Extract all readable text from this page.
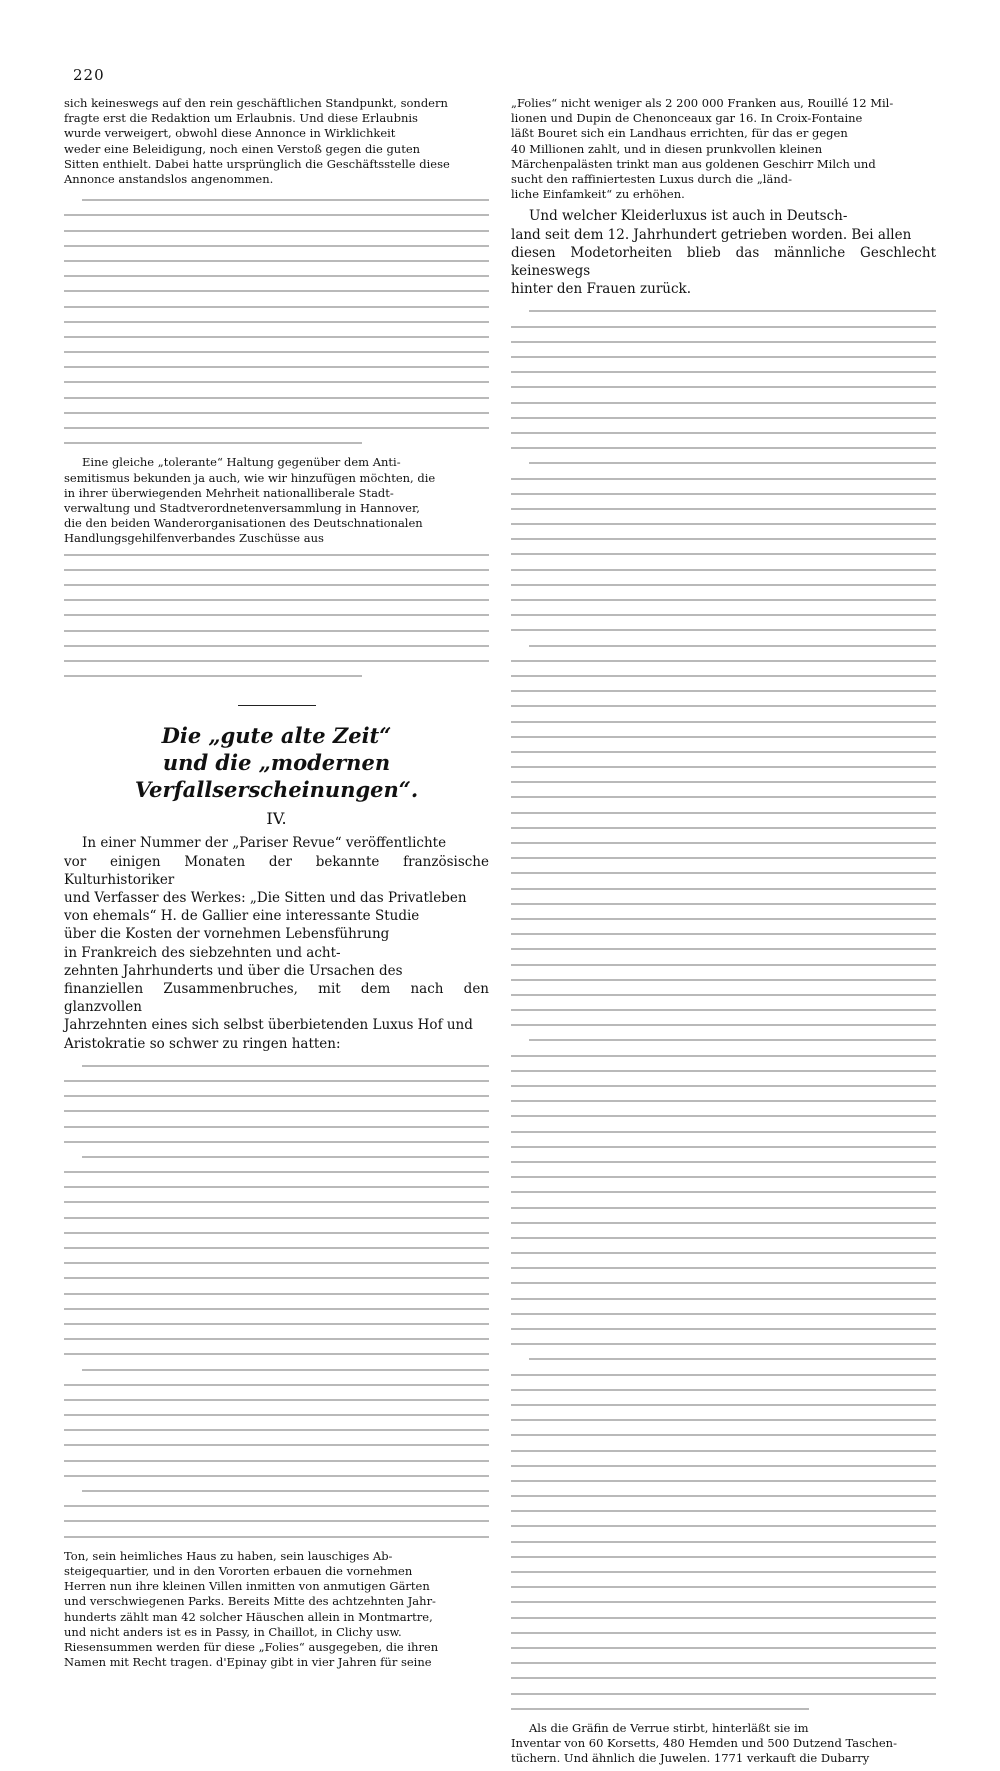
220

sich keineswegs auf den rein geschäftlichen Standpunkt, sondern

fragte erst die Redaktion um Erlaubnis. Und diese Erlaubnis

wurde verweigert, obwohl diese Annonce in Wirklichkeit

weder eine Beleidigung, noch einen Verstoß gegen die guten

Sitten enthielt. Dabei hatte ursprünglich die Geschäftsstelle diese

Annonce anstandslos angenommen.

Eine gleiche „tolerante“ Haltung gegenüber dem Anti-

semitismus bekunden ja auch, wie wir hinzufügen möchten, die

in ihrer überwiegenden Mehrheit nationalliberale Stadt-

verwaltung und Stadtverordnetenversammlung in Hannover,

die den beiden Wanderorganisationen des Deutschnationalen

Handlungsgehilfenverbandes Zuschüsse aus

Die „gute alte Zeit“

und die „modernen Verfallserscheinungen“.

IV.

In einer Nummer der „Pariser Revue“ veröffentlichte

vor einigen Monaten der bekannte französische Kulturhistoriker

und Verfasser des Werkes: „Die Sitten und das Privatleben

von ehemals“ H. de Gallier eine interessante Studie

über die Kosten der vornehmen Lebensführung

in Frankreich des siebzehnten und acht-

zehnten Jahrhunderts und über die Ursachen des

finanziellen Zusammenbruches, mit dem nach den glanzvollen

Jahrzehnten eines sich selbst überbietenden Luxus Hof und

Aristokratie so schwer zu ringen hatten:

Ton, sein heimliches Haus zu haben, sein lauschiges Ab-

steigequartier, und in den Vororten erbauen die vornehmen

Herren nun ihre kleinen Villen inmitten von anmutigen Gärten

und verschwiegenen Parks. Bereits Mitte des achtzehnten Jahr-

hunderts zählt man 42 solcher Häuschen allein in Montmartre,

und nicht anders ist es in Passy, in Chaillot, in Clichy usw.

Riesensummen werden für diese „Folies“ ausgegeben, die ihren

Namen mit Recht tragen. d'Epinay gibt in vier Jahren für seine

„Folies“ nicht weniger als 2 200 000 Franken aus, Rouillé 12 Mil-

lionen und Dupin de Chenonceaux gar 16. In Croix-Fontaine

läßt Bouret sich ein Landhaus errichten, für das er gegen

40 Millionen zahlt, und in diesen prunkvollen kleinen

Märchenpalästen trinkt man aus goldenen Geschirr Milch und

sucht den raffiniertesten Luxus durch die „länd-

liche Einfamkeit“ zu erhöhen.

Und welcher Kleiderluxus ist auch in Deutsch-

land seit dem 12. Jahrhundert getrieben worden. Bei allen

diesen Modetorheiten blieb das männliche Geschlecht keineswegs

hinter den Frauen zurück.

Als die Gräfin de Verrue stirbt, hinterläßt sie im

Inventar von 60 Korsetts, 480 Hemden und 500 Dutzend Taschen-

tüchern. Und ähnlich die Juwelen. 1771 verkauft die Dubarry
